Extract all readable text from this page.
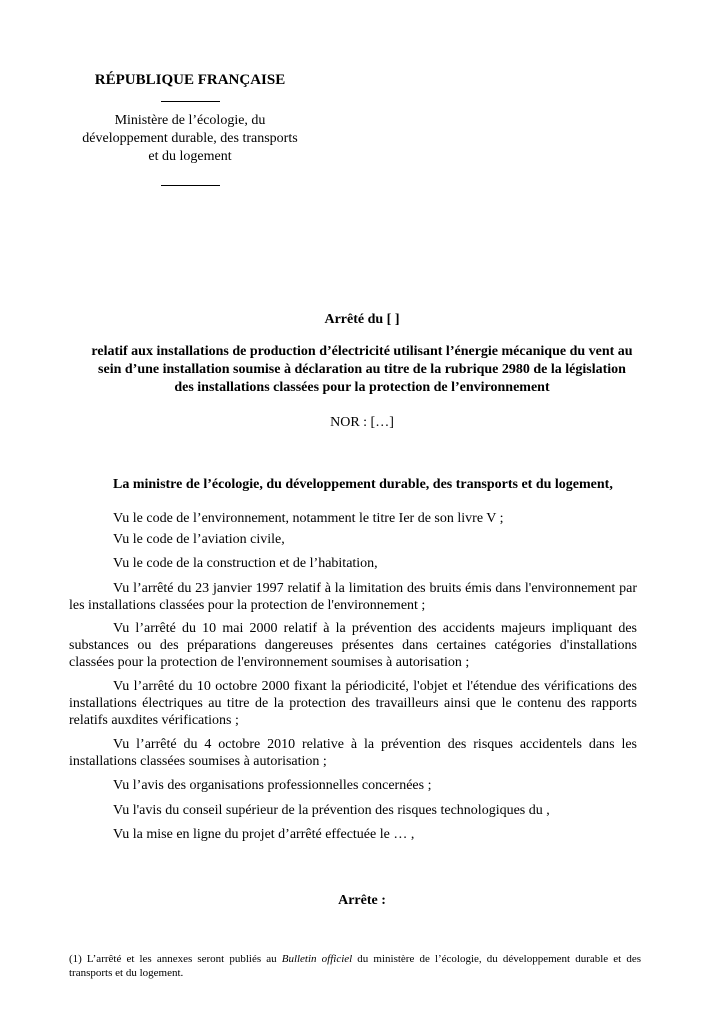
RÉPUBLIQUE FRANÇAISE
Ministère de l’écologie, du
développement durable, des transports
et du logement
Arrêté du [ ]
relatif aux installations de production d’électricité utilisant l’énergie mécanique du vent au
sein d’une installation soumise à déclaration au titre de la rubrique 2980 de la législation
des installations classées pour la protection de l’environnement
NOR : […]
La ministre de l’écologie, du développement durable, des transports et du logement,
Vu le code de l’environnement, notamment le titre Ier de son livre V ;
Vu le code de l’aviation civile,
Vu le code de la construction et de l’habitation,
Vu l’arrêté du 23 janvier 1997 relatif à la limitation des bruits émis dans l'environnement par les installations classées pour la protection de l'environnement ;
Vu l’arrêté du 10 mai 2000 relatif à la prévention des accidents majeurs impliquant des substances ou des préparations dangereuses présentes dans certaines catégories d'installations classées pour la protection de l'environnement soumises à autorisation ;
Vu l’arrêté du 10 octobre 2000 fixant la périodicité, l'objet et l'étendue des vérifications des installations électriques au titre de la protection des travailleurs ainsi que le contenu des rapports relatifs auxdites vérifications ;
Vu l’arrêté du 4 octobre 2010 relative à la prévention des risques accidentels dans les installations classées soumises à autorisation ;
Vu l’avis des organisations professionnelles concernées ;
Vu l'avis du conseil supérieur de la prévention des risques technologiques du ,
Vu la mise en ligne du projet d’arrêté effectuée le … ,
Arrête :
(1) L’arrêté et les annexes seront publiés au Bulletin officiel du ministère de l’écologie, du développement durable et des transports et du logement.
